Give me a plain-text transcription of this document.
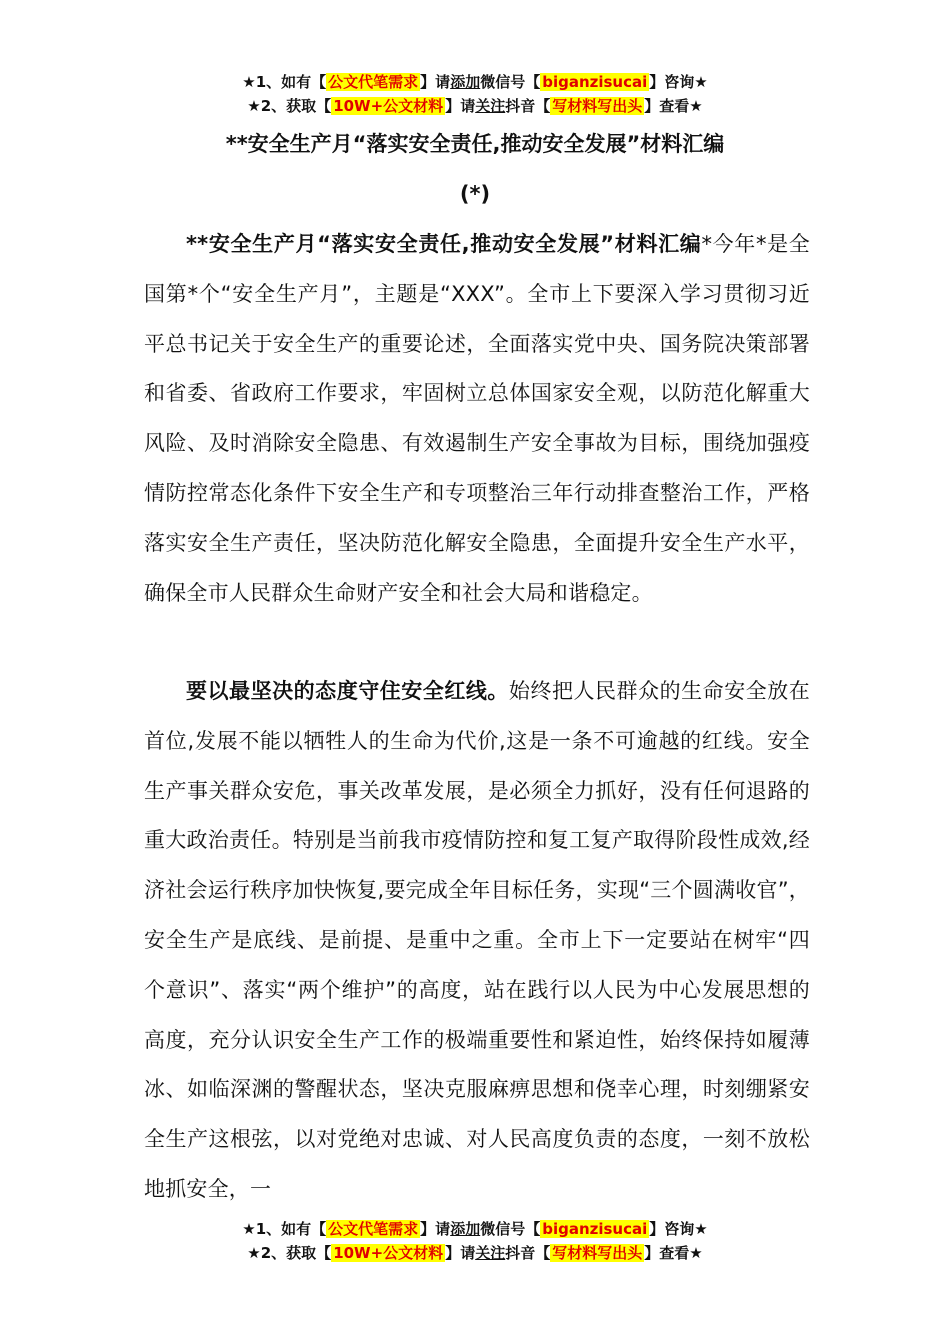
★1、如有【 公文代笔需求 】请添加微信号【 biganzisucai 】咨询★
★2、获取【 10W+公文材料 】请关注抖音【 写材料写出头 】查看★
**安全生产月“落实安全责任,推动安全发展”材料汇编
(*)

**安全生产月“落实安全责任,推动安全发展”材料汇编*今年*是全国第*个“安全生产月”，主题是“XXX”。全市上下要深入学习贯彻习近平总书记关于安全生产的重要论述，全面落实党中央、国务院决策部署和省委、省政府工作要求，牢固树立总体国家安全观，以防范化解重大风险、及时消除安全隐患、有效遏制生产安全事故为目标，围绕加强疫情防控常态化条件下安全生产和专项整治三年行动排查整治工作，严格落实安全生产责任，坚决防范化解安全隐患，全面提升安全生产水平，确保全市人民群众生命财产安全和社会大局和谐稳定。

要以最坚决的态度守住安全红线。始终把人民群众的生命安全放在首位,发展不能以牺牲人的生命为代价,这是一条不可逾越的红线。安全生产事关群众安危，事关改革发展，是必须全力抓好，没有任何退路的重大政治责任。特别是当前我市疫情防控和复工复产取得阶段性成效,经济社会运行秩序加快恢复,要完成全年目标任务，实现“三个圆满收官”，安全生产是底线、是前提、是重中之重。全市上下一定要站在树牢“四个意识”、落实“两个维护”的高度，站在践行以人民为中心发展思想的高度，充分认识安全生产工作的极端重要性和紧迫性，始终保持如履薄冰、如临深渊的警醒状态，坚决克服麻痹思想和侥幸心理，时刻绷紧安全生产这根弦，以对党绝对忠诚、对人民高度负责的态度，一刻不放松地抓安全，一

★1、如有【 公文代笔需求 】请添加微信号【 biganzisucai 】咨询★
★2、获取【 10W+公文材料 】请关注抖音【 写材料写出头 】查看★
